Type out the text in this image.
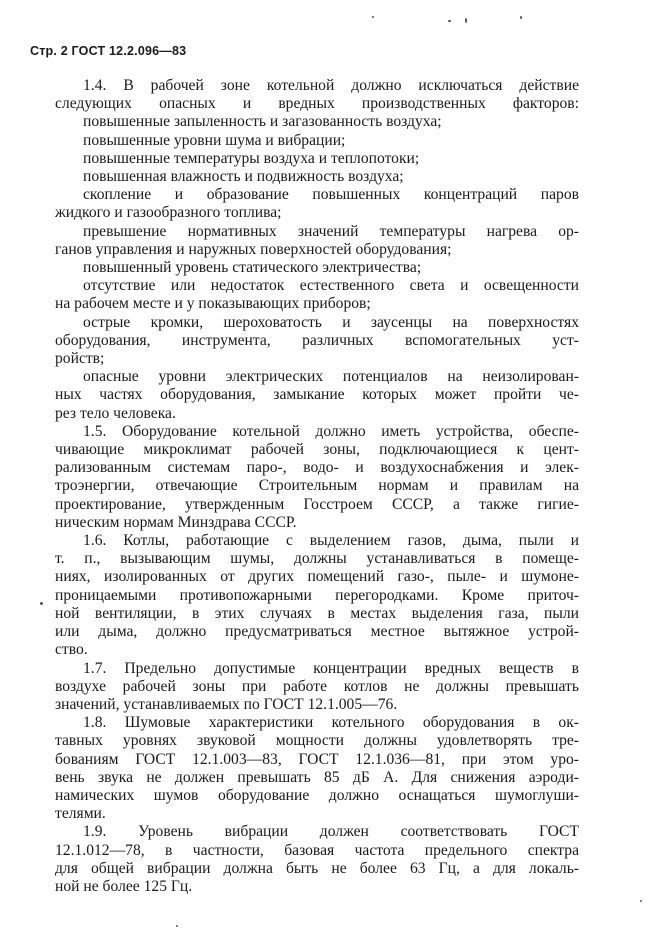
Стр. 2 ГОСТ 12.2.096—83

1.4. В рабочей зоне котельной должно исключаться действие

следующих опасных и вредных производственных факторов:

повышенные запыленность и загазованность воздуха;

повышенные уровни шума и вибрации;

повышенные температуры воздуха и теплопотоки;

повышенная влажность и подвижность воздуха;

скопление и образование повышенных концентраций паров

жидкого и газообразного топлива;

превышение нормативных значений температуры нагрева ор-

ганов управления и наружных поверхностей оборудования;

повышенный уровень статического электричества;

отсутствие или недостаток естественного света и освещенности

на рабочем месте и у показывающих приборов;

острые кромки, шероховатость и заусенцы на поверхностях

оборудования, инструмента, различных вспомогательных уст-

ройств;

опасные уровни электрических потенциалов на неизолирован-

ных частях оборудования, замыкание которых может пройти че-

рез тело человека.

1.5. Оборудование котельной должно иметь устройства, обеспе-

чивающие микроклимат рабочей зоны, подключающиеся к цент-

рализованным системам паро-, водо- и воздухоснабжения и элек-

троэнергии, отвечающие Строительным нормам и правилам на

проектирование, утвержденным Госстроем СССР, а также гигие-

ническим нормам Минздрава СССР.

1.6. Котлы, работающие с выделением газов, дыма, пыли и

т. п., вызывающим шумы, должны устанавливаться в помеще-

ниях, изолированных от других помещений газо-, пыле- и шумоне-

проницаемыми противопожарными перегородками. Кроме приточ-

ной вентиляции, в этих случаях в местах выделения газа, пыли

или дыма, должно предусматриваться местное вытяжное устрой-

ство.

1.7. Предельно допустимые концентрации вредных веществ в

воздухе рабочей зоны при работе котлов не должны превышать

значений, устанавливаемых по ГОСТ 12.1.005—76.

1.8. Шумовые характеристики котельного оборудования в ок-

тавных уровнях звуковой мощности должны удовлетворять тре-

бованиям ГОСТ 12.1.003—83, ГОСТ 12.1.036—81, при этом уро-

вень звука не должен превышать 85 дБ А. Для снижения аэроди-

намических шумов оборудование должно оснащаться шумоглуши-

телями.

1.9. Уровень вибрации должен соответствовать ГОСТ

12.1.012—78, в частности, базовая частота предельного спектра

для общей вибрации должна быть не более 63 Гц, а для локаль-

ной не более 125 Гц.
